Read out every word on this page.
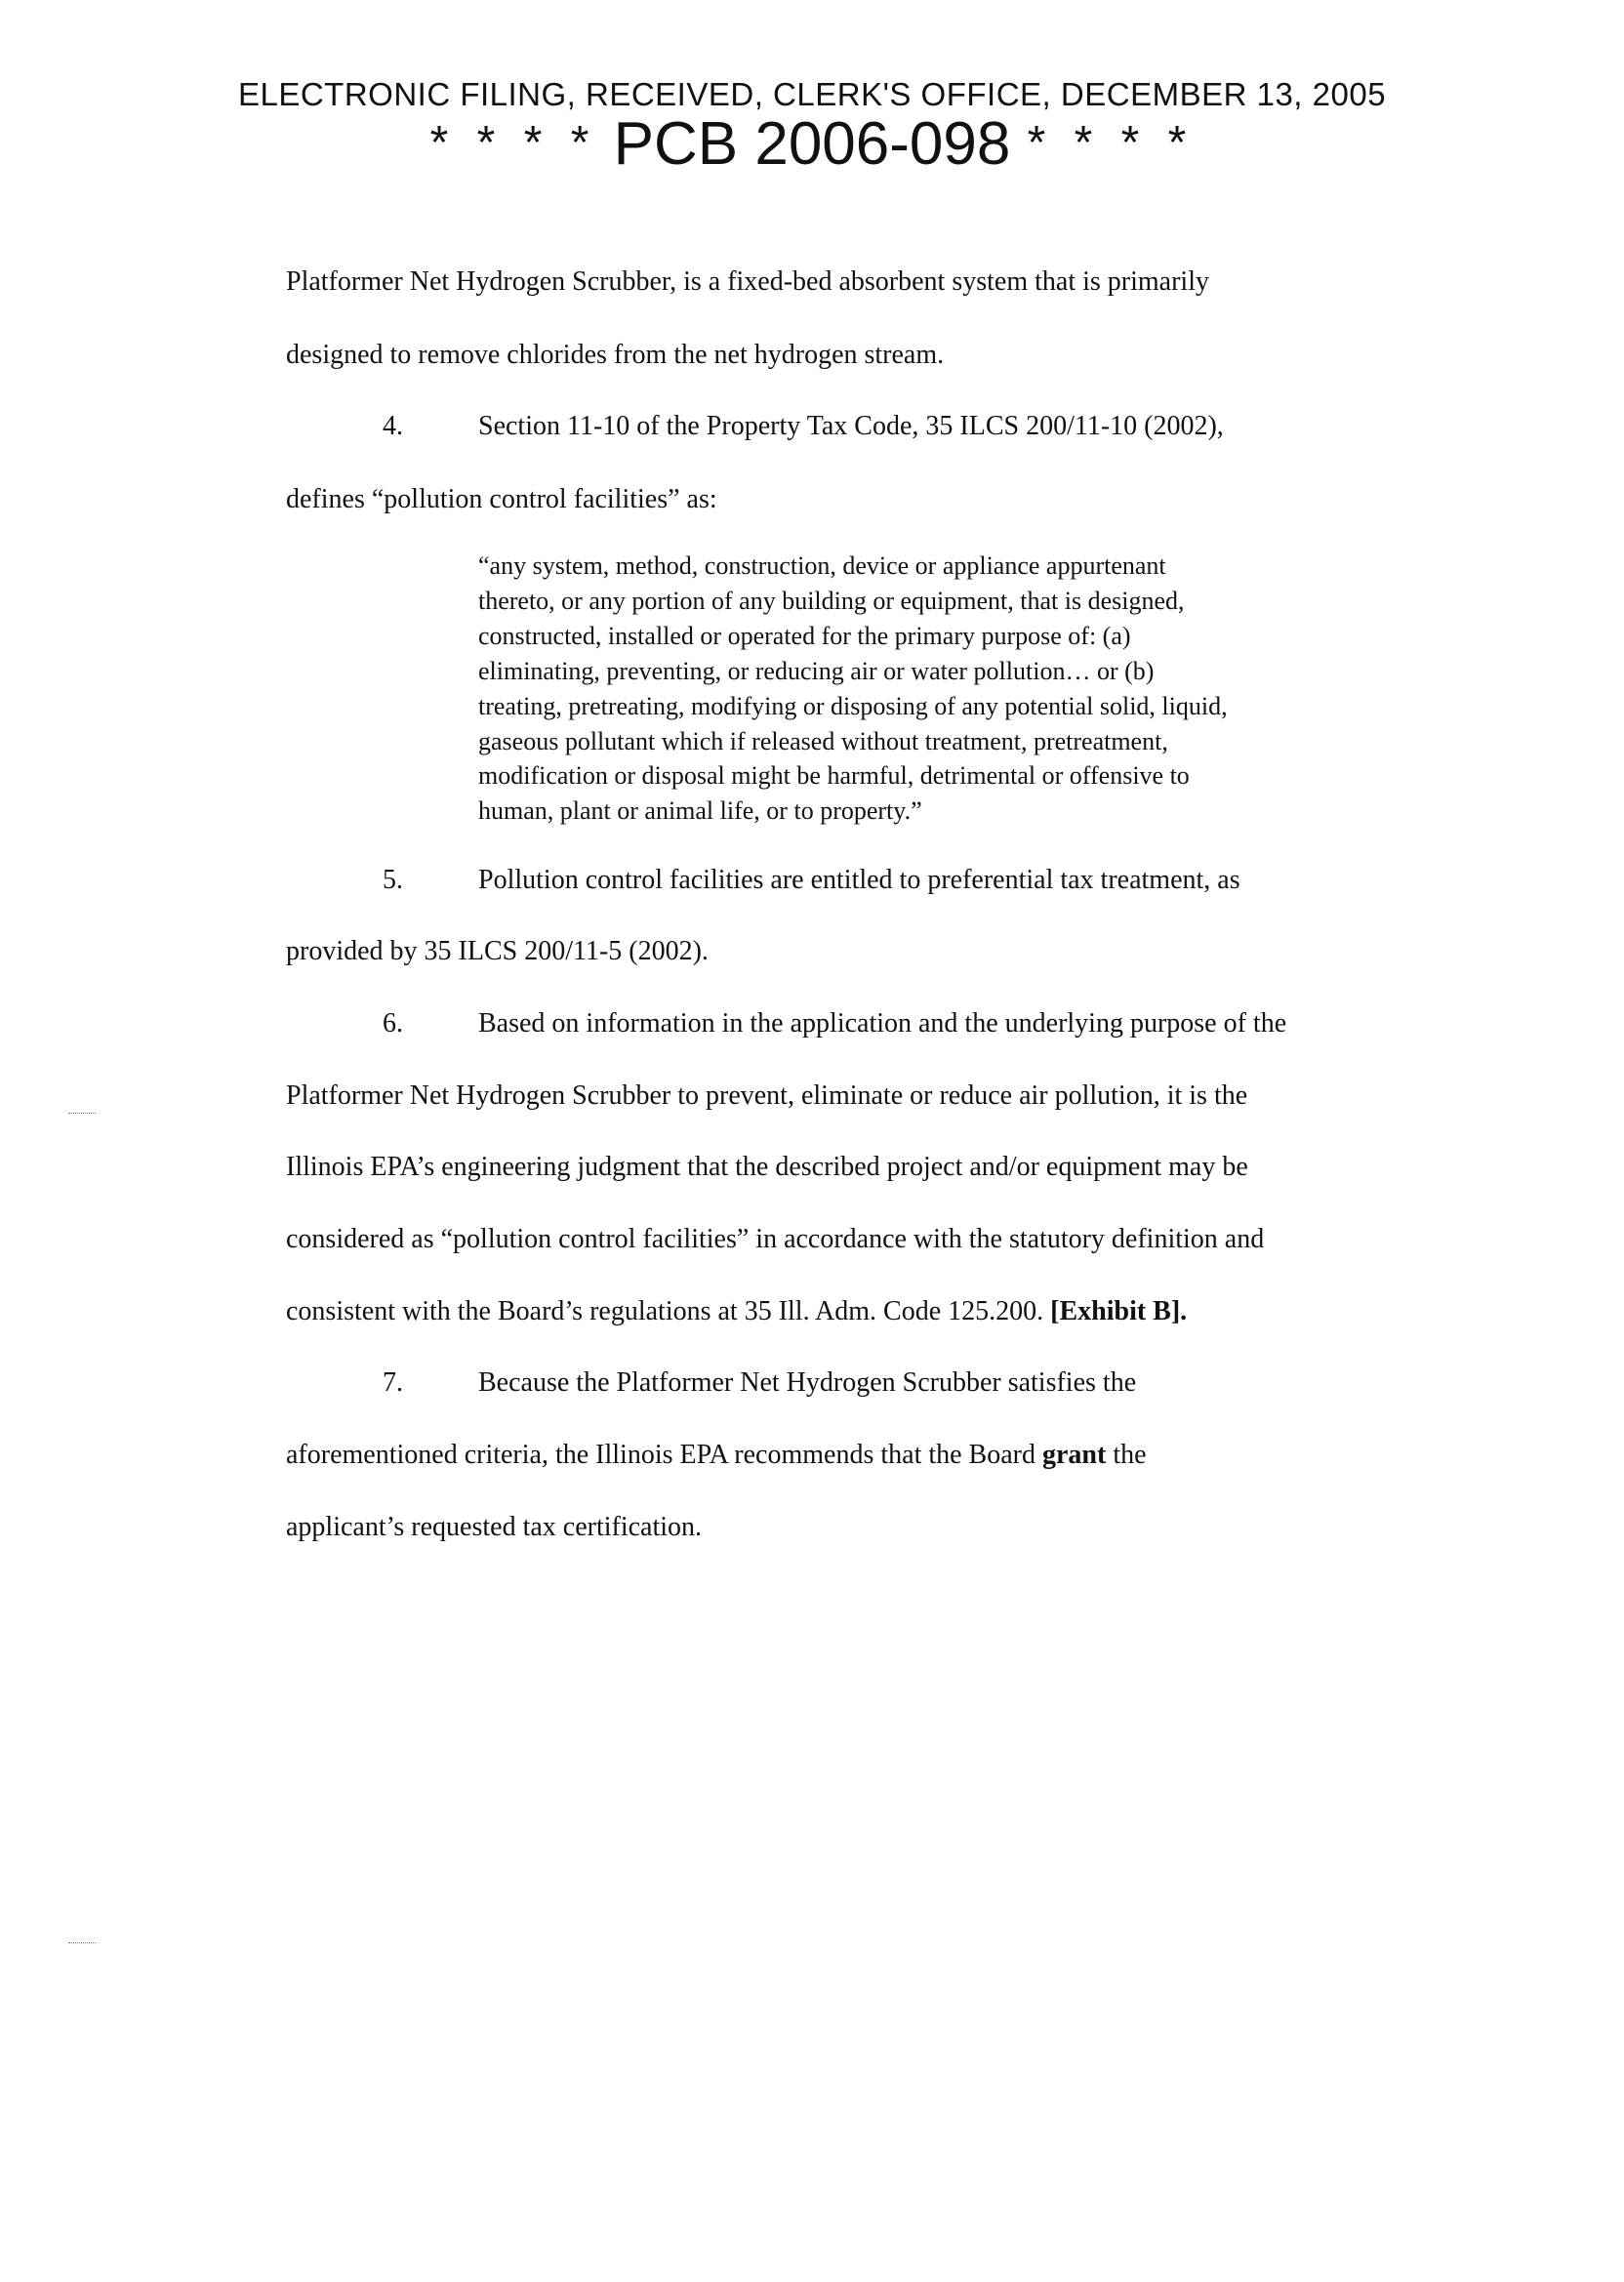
ELECTRONIC FILING, RECEIVED, CLERK'S OFFICE, DECEMBER 13, 2005
* * * * PCB 2006-098 * * * *
Platformer Net Hydrogen Scrubber, is a fixed-bed absorbent system that is primarily
designed to remove chlorides from the net hydrogen stream.
4.	Section 11-10 of the Property Tax Code, 35 ILCS 200/11-10 (2002),
defines “pollution control facilities” as:
“any system, method, construction, device or appliance appurtenant
thereto, or any portion of any building or equipment, that is designed,
constructed, installed or operated for the primary purpose of: (a)
eliminating, preventing, or reducing air or water pollution… or (b)
treating, pretreating, modifying or disposing of any potential solid, liquid,
gaseous pollutant which if released without treatment, pretreatment,
modification or disposal might be harmful, detrimental or offensive to
human, plant or animal life, or to property.”
5.	Pollution control facilities are entitled to preferential tax treatment, as
provided by 35 ILCS 200/11-5 (2002).
6.	Based on information in the application and the underlying purpose of the
Platformer Net Hydrogen Scrubber to prevent, eliminate or reduce air pollution, it is the
Illinois EPA’s engineering judgment that the described project and/or equipment may be
considered as “pollution control facilities” in accordance with the statutory definition and
consistent with the Board’s regulations at 35 Ill. Adm. Code 125.200. [Exhibit B].
7.	Because the Platformer Net Hydrogen Scrubber satisfies the
aforementioned criteria, the Illinois EPA recommends that the Board grant the
applicant’s requested tax certification.
